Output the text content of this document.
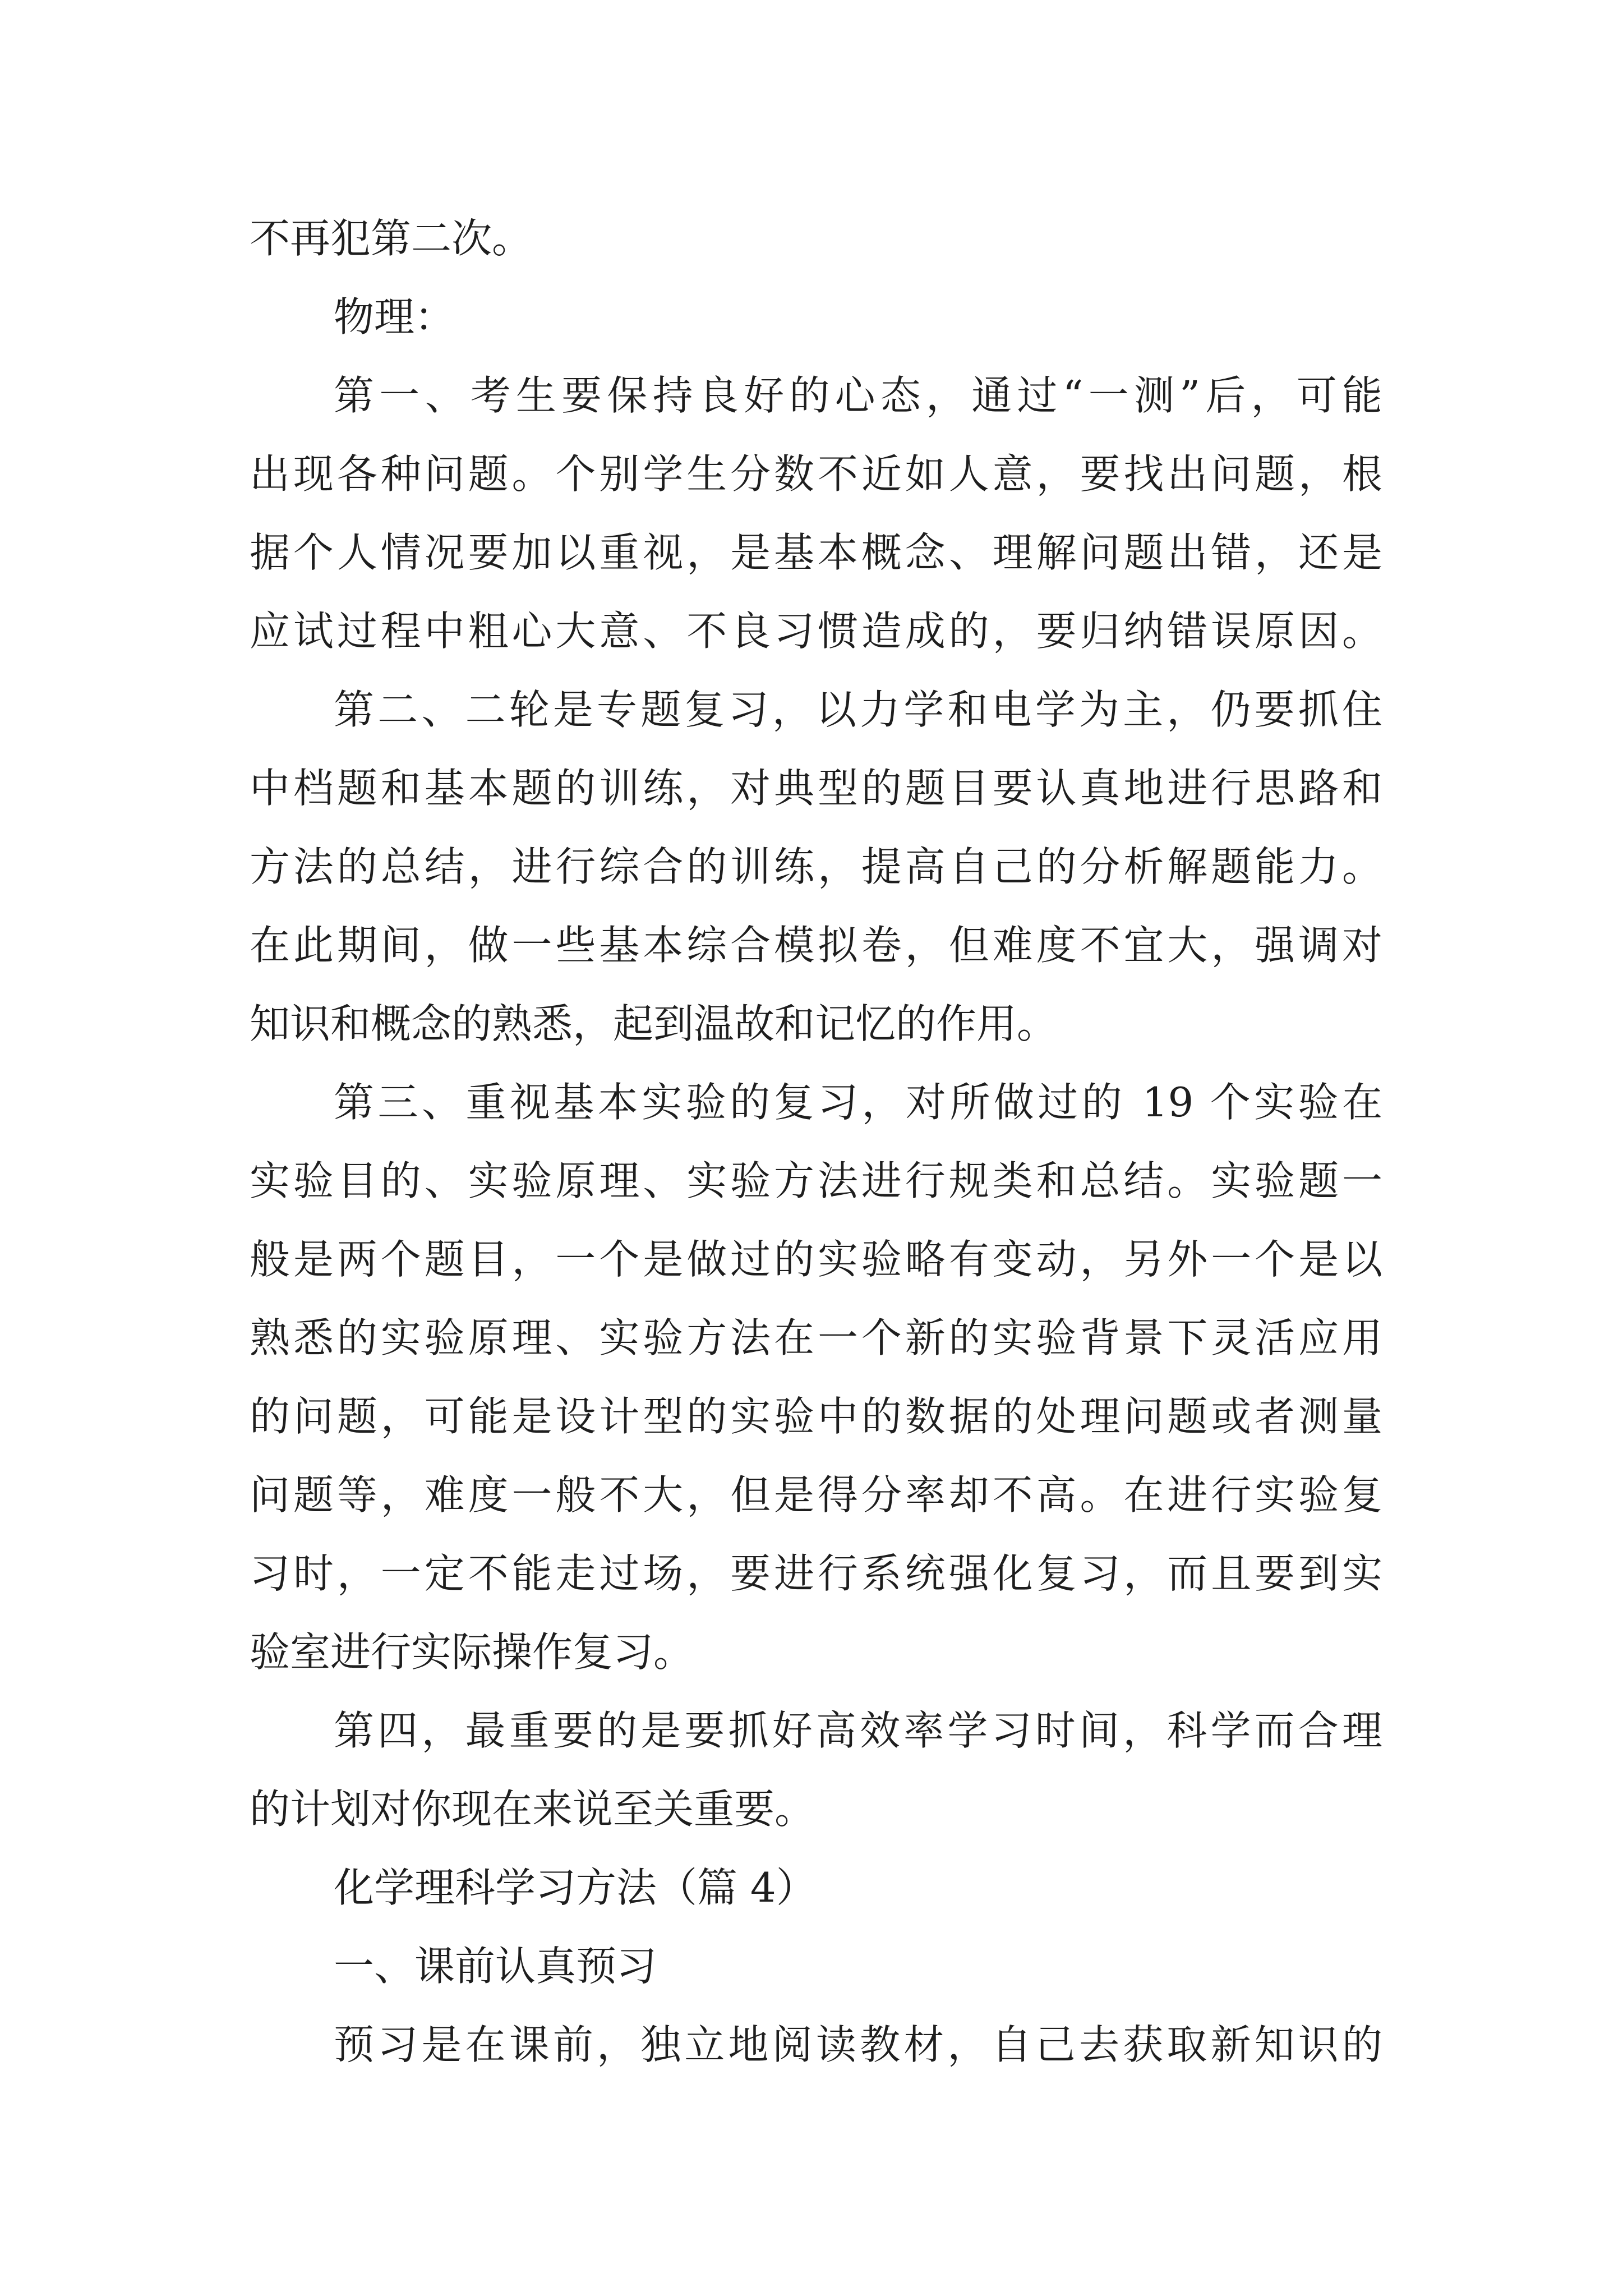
不再犯第二次。
物理：
第一、考生要保持良好的心态，通过“一测”后，可能
出现各种问题。个别学生分数不近如人意，要找出问题，根
据个人情况要加以重视，是基本概念、理解问题出错，还是
应试过程中粗心大意、不良习惯造成的，要归纳错误原因。
第二、二轮是专题复习，以力学和电学为主，仍要抓住
中档题和基本题的训练，对典型的题目要认真地进行思路和
方法的总结，进行综合的训练，提高自己的分析解题能力。
在此期间，做一些基本综合模拟卷，但难度不宜大，强调对
知识和概念的熟悉，起到温故和记忆的作用。
第三、重视基本实验的复习，对所做过的 19 个实验在
实验目的、实验原理、实验方法进行规类和总结。实验题一
般是两个题目，一个是做过的实验略有变动，另外一个是以
熟悉的实验原理、实验方法在一个新的实验背景下灵活应用
的问题，可能是设计型的实验中的数据的处理问题或者测量
问题等，难度一般不大，但是得分率却不高。在进行实验复
习时，一定不能走过场，要进行系统强化复习，而且要到实
验室进行实际操作复习。
第四，最重要的是要抓好高效率学习时间，科学而合理
的计划对你现在来说至关重要。
化学理科学习方法（篇 4）
一、课前认真预习
预习是在课前，独立地阅读教材，自己去获取新知识的
